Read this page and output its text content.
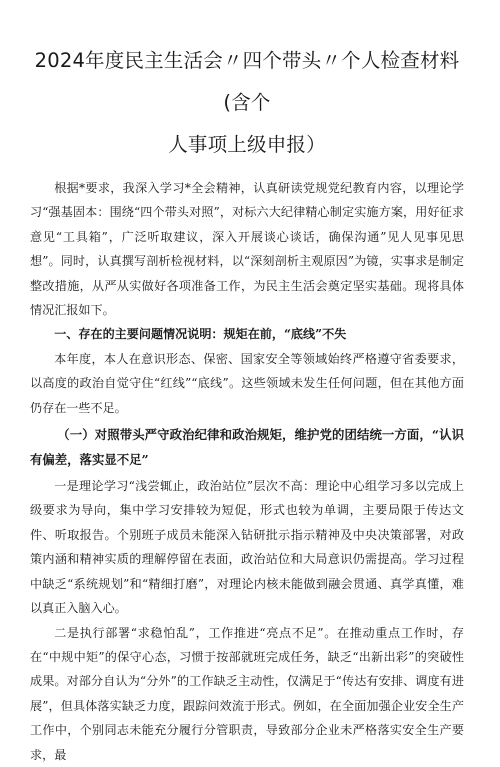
2024年度民主生活会〃四个带头〃个人检查材料(含个
人事项上级申报）

根据*要求，我深入学习*全会精神，认真研读党规党纪教育内容，以理论学习“强基固本：围绕“四个带头对照”，对标六大纪律精心制定实施方案，用好征求意见“工具箱”，广泛听取建议，深入开展谈心谈话，确保沟通”见人见事见思想”。同时，认真撰写剖析检视材料，以“深刻剖析主观原因”为镜，实事求是制定整改措施，从严从实做好各项准备工作，为民主生活会奠定坚实基础。现将具体情况汇报如下。

一、存在的主要问题情况说明：规矩在前，“底线”不失

本年度，本人在意识形态、保密、国家安全等领域始终严格遵守省委要求，以高度的政治自觉守住“红线”“底线”。这些领域未发生任何问题，但在其他方面仍存在一些不足。

（一）对照带头严守政治纪律和政治规矩，维护党的团结统一方面，“认识有偏差，落实显不足”

一是理论学习“浅尝辄止，政治站位”层次不高：理论中心组学习多以完成上级要求为导向，集中学习安排较为短促，形式也较为单调，主要局限于传达文件、听取报告。个别班子成员未能深入钻研批示指示精神及中央决策部署，对政策内涵和精神实质的理解停留在表面，政治站位和大局意识仍需提高。学习过程中缺乏“系统规划”和“精细打磨”，对理论内核未能做到融会贯通、真学真懂，难以真正入脑入心。

二是执行部署“求稳怕乱”，工作推进“亮点不足”。在推动重点工作时，存在“中规中矩”的保守心态，习惯于按部就班完成任务，缺乏“出新出彩”的突破性成果。对部分自认为“分外”的工作缺乏主动性，仅满足于“传达有安排、调度有进展”，但具体落实缺乏力度，跟踪问效流于形式。例如，在全面加强企业安全生产工作中，个别同志未能充分履行分管职责，导致部分企业未严格落实安全生产要求，最
